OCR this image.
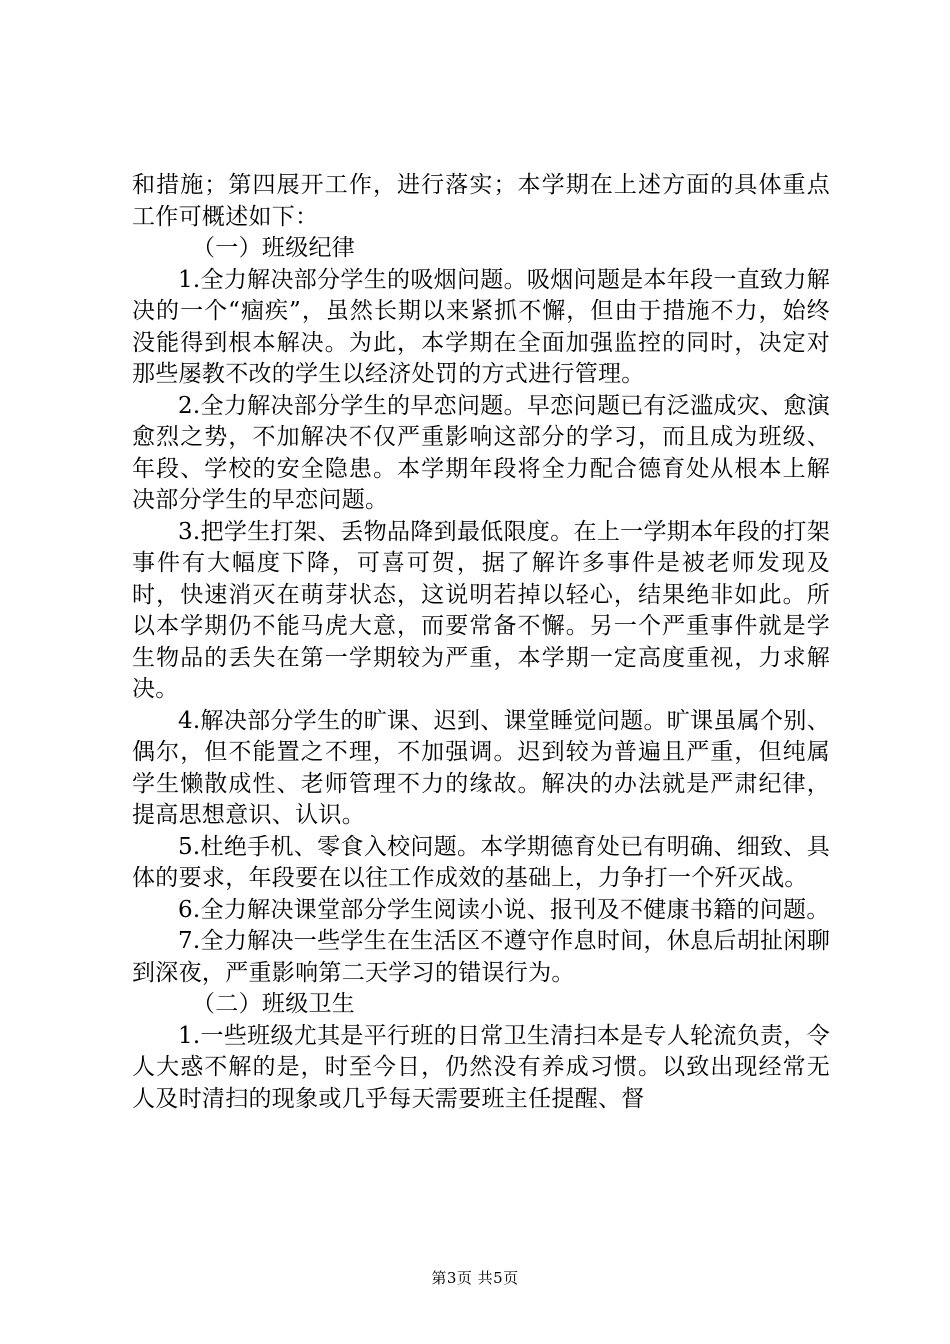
和措施；第四展开工作，进行落实；本学期在上述方面的具体重点工作可概述如下：

（一）班级纪律

1.全力解决部分学生的吸烟问题。吸烟问题是本年段一直致力解决的一个“痼疾”，虽然长期以来紧抓不懈，但由于措施不力，始终没能得到根本解决。为此，本学期在全面加强监控的同时，决定对那些屡教不改的学生以经济处罚的方式进行管理。

2.全力解决部分学生的早恋问题。早恋问题已有泛滥成灾、愈演愈烈之势，不加解决不仅严重影响这部分的学习，而且成为班级、年段、学校的安全隐患。本学期年段将全力配合德育处从根本上解决部分学生的早恋问题。

3.把学生打架、丢物品降到最低限度。在上一学期本年段的打架事件有大幅度下降，可喜可贺，据了解许多事件是被老师发现及时，快速消灭在萌芽状态，这说明若掉以轻心，结果绝非如此。所以本学期仍不能马虎大意，而要常备不懈。另一个严重事件就是学生物品的丢失在第一学期较为严重，本学期一定高度重视，力求解决。

4.解决部分学生的旷课、迟到、课堂睡觉问题。旷课虽属个别、偶尔，但不能置之不理，不加强调。迟到较为普遍且严重，但纯属学生懒散成性、老师管理不力的缘故。解决的办法就是严肃纪律，提高思想意识、认识。

5.杜绝手机、零食入校问题。本学期德育处已有明确、细致、具体的要求，年段要在以往工作成效的基础上，力争打一个歼灭战。

6.全力解决课堂部分学生阅读小说、报刊及不健康书籍的问题。

7.全力解决一些学生在生活区不遵守作息时间，休息后胡扯闲聊到深夜，严重影响第二天学习的错误行为。

（二）班级卫生

1.一些班级尤其是平行班的日常卫生清扫本是专人轮流负责，令人大惑不解的是，时至今日，仍然没有养成习惯。以致出现经常无人及时清扫的现象或几乎每天需要班主任提醒、督

第3页 共5页
